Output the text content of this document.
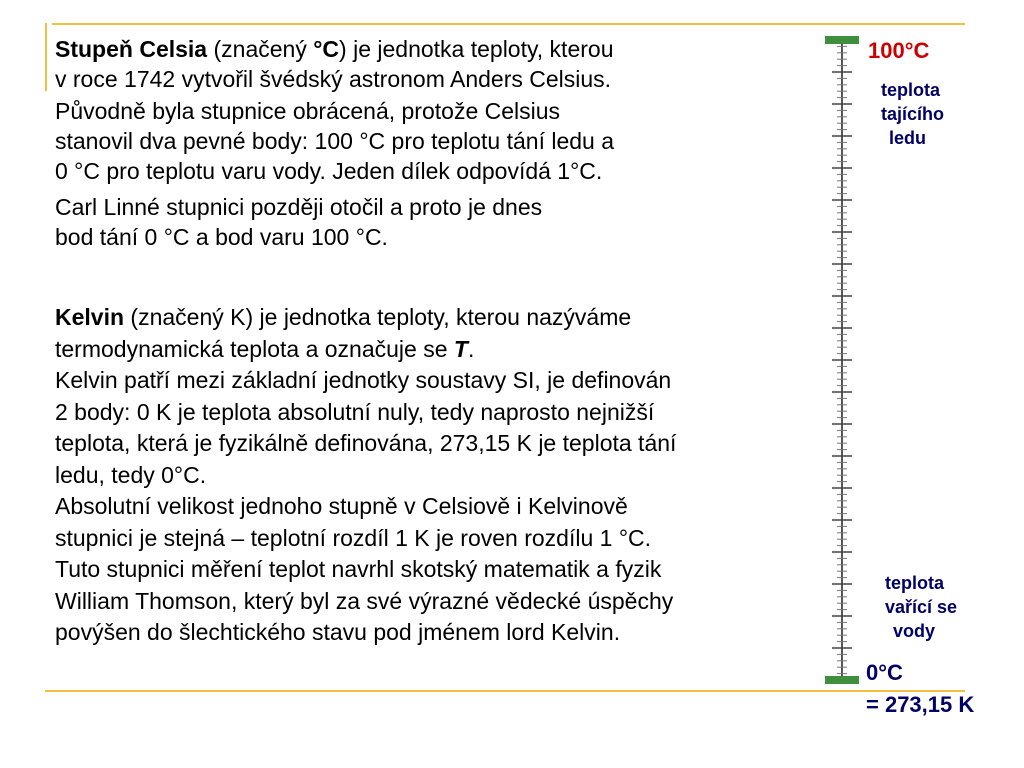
Stupeň Celsia (značený °C) je jednotka teploty, kterou
v roce 1742 vytvořil švédský astronom Anders Celsius.
Původně byla stupnice obrácená, protože Celsius
stanovil dva pevné body: 100 °C pro teplotu tání ledu a
0 °C pro teplotu varu vody. Jeden dílek odpovídá 1°C.
Carl Linné stupnici později otočil a proto je dnes
bod tání 0 °C a bod varu 100 °C.
Kelvin (značený K) je jednotka teploty, kterou nazýváme
termodynamická teplota a označuje se T.
Kelvin patří mezi základní jednotky soustavy SI, je definován
2 body: 0 K je teplota absolutní nuly, tedy naprosto nejnižší
teplota, která je fyzikálně definována, 273,15 K je teplota tání
ledu, tedy 0°C.
Absolutní velikost jednoho stupně v Celsiově i Kelvinově
stupnici je stejná – teplotní rozdíl 1 K je roven rozdílu 1 °C.
Tuto stupnici měření teplot navrhl skotský matematik a fyzik
William Thomson, který byl za své výrazné vědecké úspěchy
povýšen do šlechtického stavu pod jménem lord Kelvin.
100°C
teplota
tajícího
ledu
teplota
vařící se
vody
0°C
= 273,15 K
